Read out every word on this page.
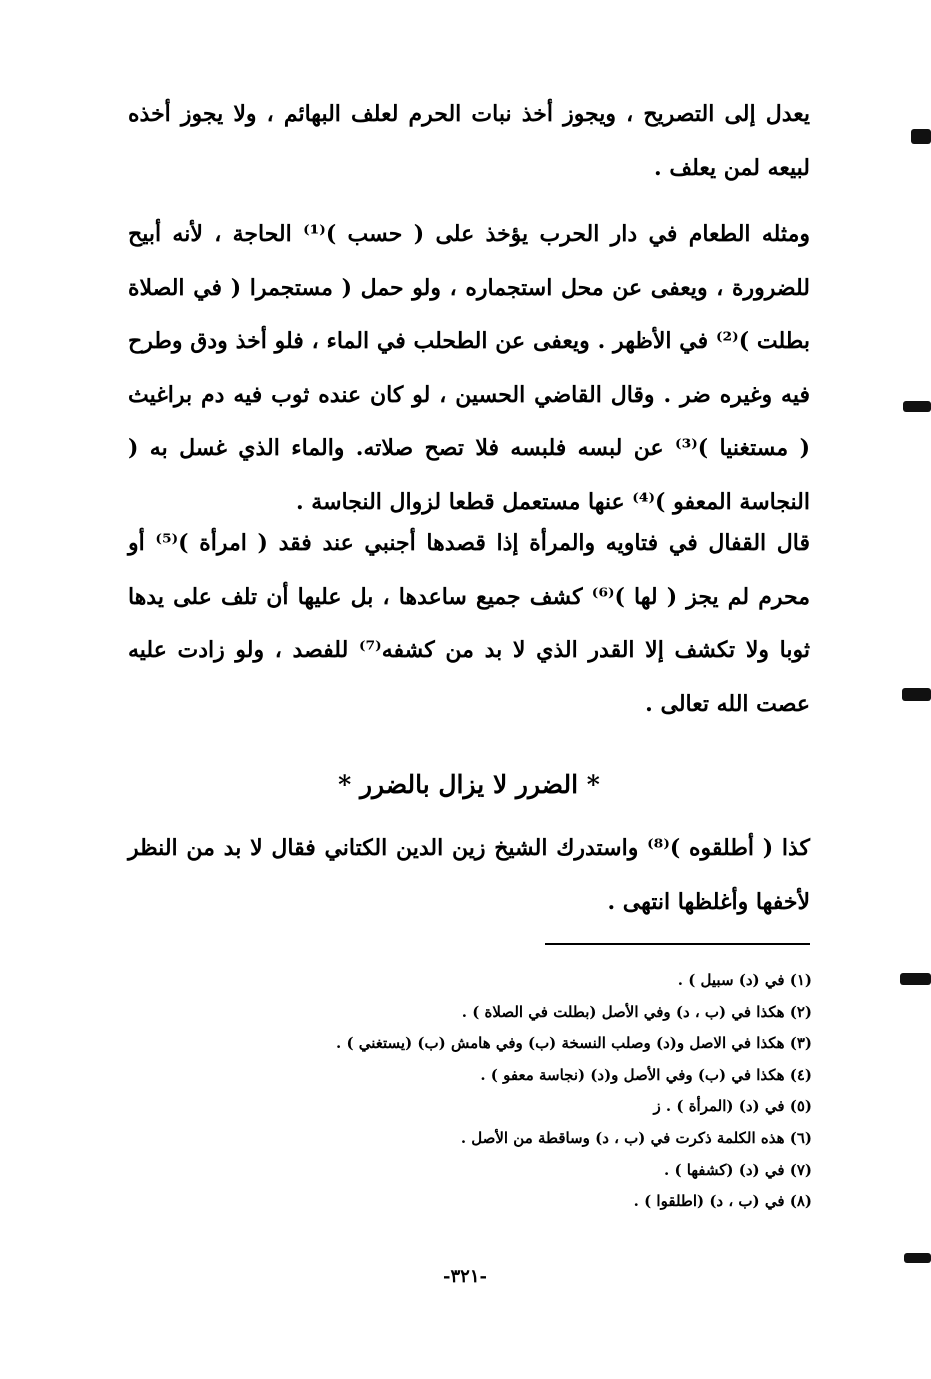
يعدل إلى التصريح ، ويجوز أخذ نبات الحرم لعلف البهائم ، ولا يجوز أخذه لبيعه لمن يعلف .
ومثله الطعام في دار الحرب يؤخذ على ( حسب )⁽¹⁾ الحاجة ، لأنه أبيح للضرورة ، ويعفى عن محل استجماره ، ولو حمل ( مستجمرا ( في الصلاة بطلت )⁽²⁾ في الأظهر . ويعفى عن الطحلب في الماء ، فلو أخذ ودق وطرح فيه وغيره ضر . وقال القاضي الحسين ، لو كان عنده ثوب فيه دم براغيث ( مستغنيا )⁽³⁾ عن لبسه فلبسه فلا تصح صلاته. والماء الذي غسل به ( النجاسة المعفو )⁽⁴⁾ عنها مستعمل قطعا لزوال النجاسة .
قال القفال في فتاويه والمرأة إذا قصدها أجنبي عند فقد ( امرأة )⁽⁵⁾ أو محرم لم يجز ( لها )⁽⁶⁾ كشف جميع ساعدها ، بل عليها أن تلف على يدها ثوبا ولا تكشف إلا القدر الذي لا بد من كشفه⁽⁷⁾ للفصد ، ولو زادت عليه عصت الله تعالى .
* الضرر لا يزال بالضرر *
كذا ( أطلقوه )⁽⁸⁾ واستدرك الشيخ زين الدين الكتاني فقال لا بد من النظر لأخفها وأغلظها انتهى .
(١) في (د) سبيل ) .
(٢) هكذا في (ب ، د) وفي الأصل (بطلت في الصلاة ) .
(٣) هكذا في الاصل و(د) وصلب النسخة (ب) وفي هامش (ب) (يستغني ) .
(٤) هكذا في (ب) وفي الأصل و(د) (نجاسة معفو ) .
(٥) في (د) (المرأة ) . ز
(٦) هذه الكلمة ذكرت في (ب ، د) وساقطة من الأصل .
(٧) في (د) (كشفها ) .
(٨) في (ب ، د) (اطلقوا ) .
-٣٢١-
